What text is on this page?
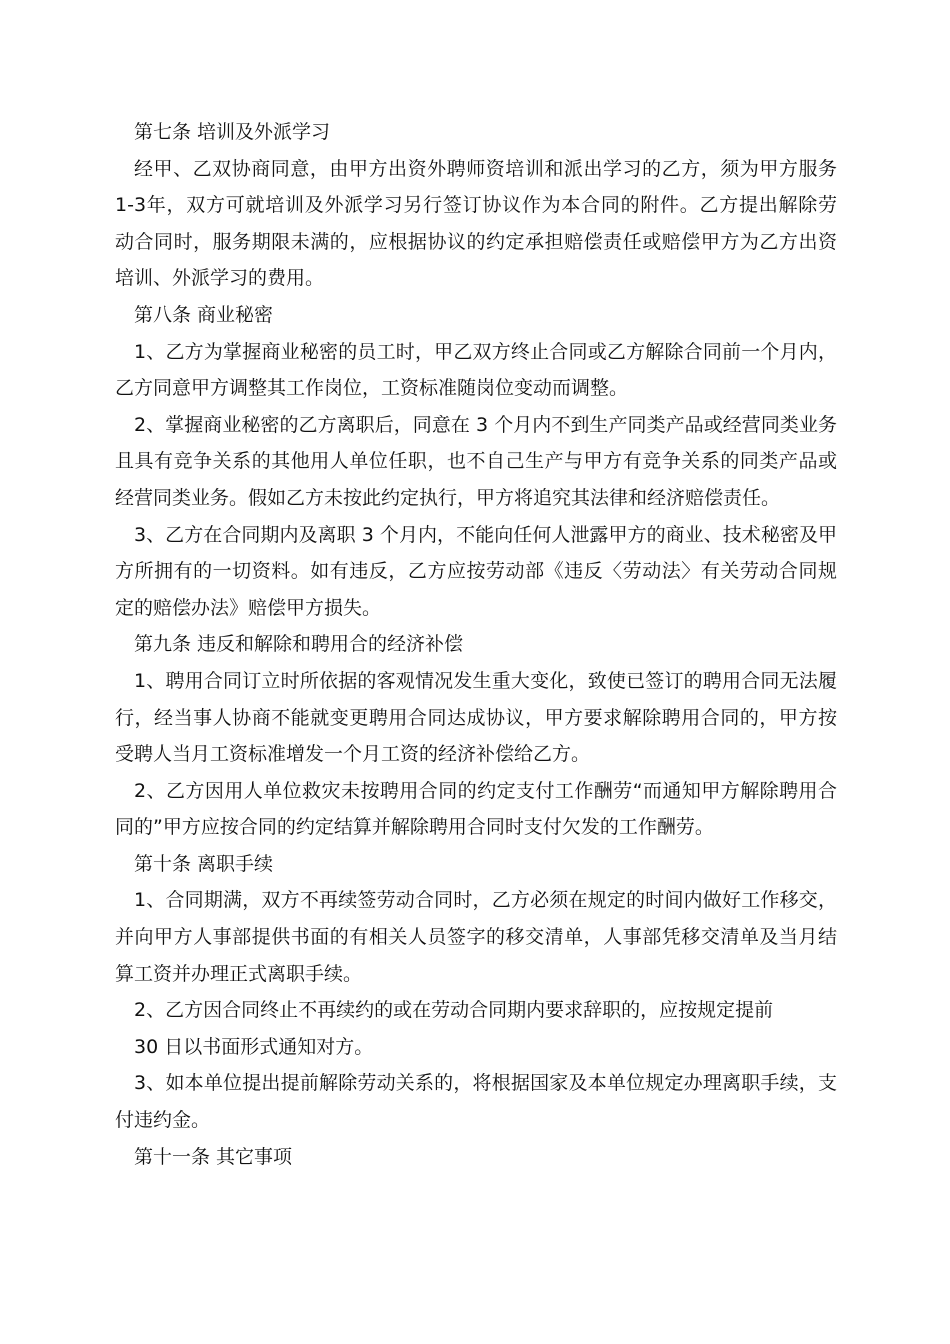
第七条 培训及外派学习

经甲、乙双协商同意，由甲方出资外聘师资培训和派出学习的乙方，须为甲方服务

1-3年，双方可就培训及外派学习另行签订协议作为本合同的附件。乙方提出解除劳

动合同时，服务期限未满的，应根据协议的约定承担赔偿责任或赔偿甲方为乙方出资

培训、外派学习的费用。

第八条 商业秘密

1、乙方为掌握商业秘密的员工时，甲乙双方终止合同或乙方解除合同前一个月内，

乙方同意甲方调整其工作岗位，工资标准随岗位变动而调整。

2、掌握商业秘密的乙方离职后，同意在 3 个月内不到生产同类产品或经营同类业务

且具有竞争关系的其他用人单位任职，也不自己生产与甲方有竞争关系的同类产品或

经营同类业务。假如乙方未按此约定执行，甲方将追究其法律和经济赔偿责任。

3、乙方在合同期内及离职 3 个月内，不能向任何人泄露甲方的商业、技术秘密及甲

方所拥有的一切资料。如有违反，乙方应按劳动部《违反〈劳动法〉有关劳动合同规

定的赔偿办法》赔偿甲方损失。

第九条 违反和解除和聘用合的经济补偿

1、聘用合同订立时所依据的客观情况发生重大变化，致使已签订的聘用合同无法履

行，经当事人协商不能就变更聘用合同达成协议，甲方要求解除聘用合同的，甲方按

受聘人当月工资标准增发一个月工资的经济补偿给乙方。

2、乙方因用人单位救灾未按聘用合同的约定支付工作酬劳“而通知甲方解除聘用合

同的”甲方应按合同的约定结算并解除聘用合同时支付欠发的工作酬劳。

第十条 离职手续

1、合同期满，双方不再续签劳动合同时，乙方必须在规定的时间内做好工作移交，

并向甲方人事部提供书面的有相关人员签字的移交清单，人事部凭移交清单及当月结

算工资并办理正式离职手续。

2、乙方因合同终止不再续约的或在劳动合同期内要求辞职的，应按规定提前

30 日以书面形式通知对方。

3、如本单位提出提前解除劳动关系的，将根据国家及本单位规定办理离职手续，支

付违约金。

第十一条 其它事项
